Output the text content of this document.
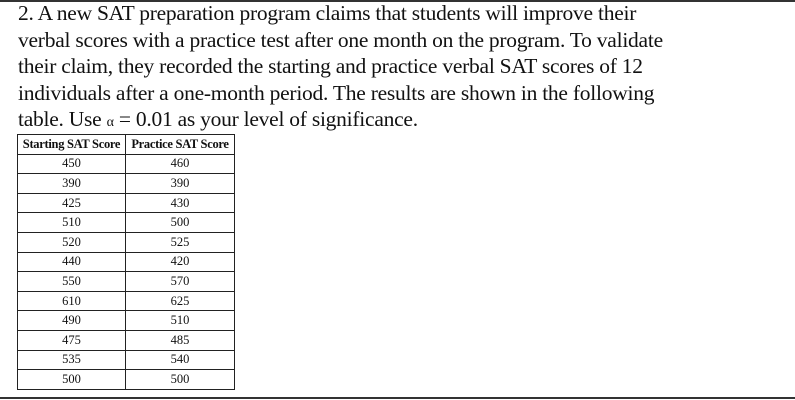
2. A new SAT preparation program claims that students will improve their

verbal scores with a practice test after one month on the program. To validate

their claim, they recorded the starting and practice verbal SAT scores of 12

individuals after a one-month period. The results are shown in the following

table. Use α = 0.01 as your level of significance.

Starting SAT Score	Practice SAT Score
450	460
390	390
425	430
510	500
520	525
440	420
550	570
610	625
490	510
475	485
535	540
500	500
